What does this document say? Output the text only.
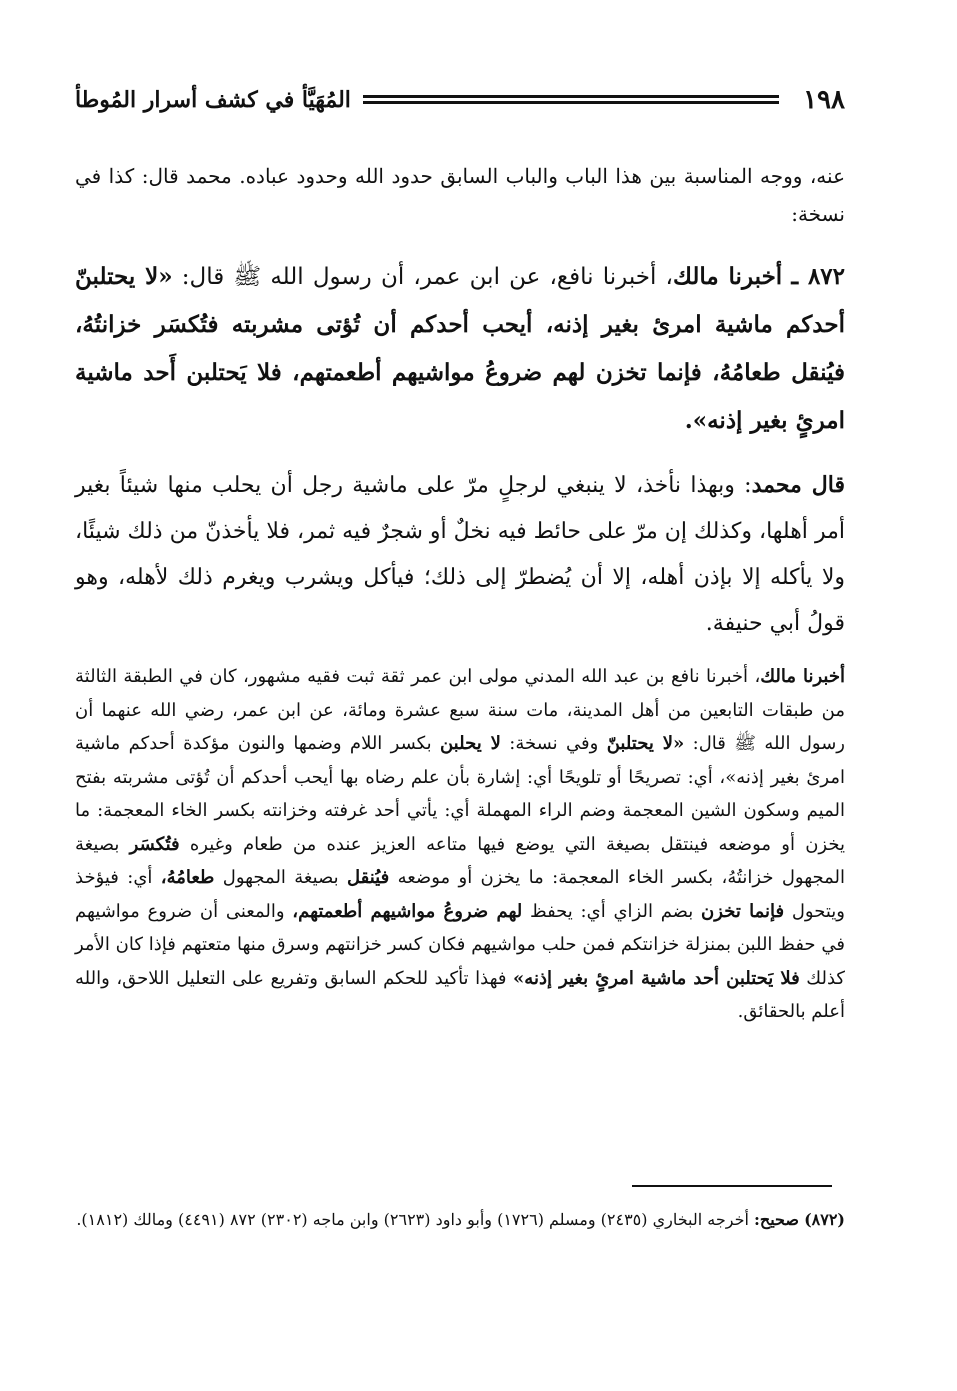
١٩٨
المُهَيَّأ في كشف أسرار المُوطأ
عنه، ووجه المناسبة بين هذا الباب والباب السابق حدود الله وحدود عباده. محمد قال: كذا في نسخة:
٨٧٢ ـ أخبرنا مالك، أخبرنا نافع، عن ابن عمر، أن رسول الله ﷺ قال: «لا يحتلبنّ أحدكم ماشية امرئ بغير إذنه، أيحب أحدكم أن تُؤتى مشربته فتُكسَر خزانتُهُ، فيُنقل طعامُهُ، فإنما تخزن لهم ضروعُ مواشيهم أطعمتهم، فلا يَحتلبن أَحد ماشية امرئٍ بغير إذنه».
قال محمد: وبهذا نأخذ، لا ينبغي لرجلٍ مرّ على ماشية رجل أن يحلب منها شيئاً بغير أمر أهلها، وكذلك إن مرّ على حائط فيه نخلٌ أو شجرٌ فيه ثمر، فلا يأخذنّ من ذلك شيئًا، ولا يأكله إلا بإذن أهله، إلا أن يُضطرّ إلى ذلك؛ فيأكل ويشرب ويغرم ذلك لأهله، وهو قولُ أبي حنيفة.
أخبرنا مالك، أخبرنا نافع بن عبد الله المدني مولى ابن عمر ثقة ثبت فقيه مشهور، كان في الطبقة الثالثة من طبقات التابعين من أهل المدينة، مات سنة سبع عشرة ومائة، عن ابن عمر، رضي الله عنهما أن رسول الله ﷺ قال: «لا يحتلبنّ وفي نسخة: لا يحلبن بكسر اللام وضمها والنون مؤكدة أحدكم ماشية امرئ بغير إذنه»، أي: تصريحًا أو تلويحًا أي: إشارة بأن علم رضاه بها أيحب أحدكم أن تُؤتى مشربته بفتح الميم وسكون الشين المعجمة وضم الراء المهملة أي: يأتي أحد غرفته وخزانته بكسر الخاء المعجمة: ما يخزن أو موضعه فينتقل بصيغة التي يوضع فيها متاعه العزيز عنده من طعام وغيره فتُكسَر بصيغة المجهول خزانتُهُ، بكسر الخاء المعجمة: ما يخزن أو موضعه فيُنقل بصيغة المجهول طعامُهُ، أي: فيؤخذ ويتحول فإنما تخزن بضم الزاي أي: يحفظ لهم ضروعُ مواشيهم أطعمتهم، والمعنى أن ضروع مواشيهم في حفظ اللبن بمنزلة خزانتكم فمن حلب مواشيهم فكان كسر خزانتهم وسرق منها متعتهم فإذا كان الأمر كذلك فلا يَحتلبن أحد ماشية امرئٍ بغير إذنه» فهذا تأكيد للحكم السابق وتفريع على التعليل اللاحق، والله أعلم بالحقائق.
(٨٧٢) صحيح: أخرجه البخاري (٢٤٣٥) ومسلم (١٧٢٦) وأبو داود (٢٦٢٣) وابن ماجه (٢٣٠٢) ٨٧٢ (٤٤٩١) ومالك (١٨١٢).
